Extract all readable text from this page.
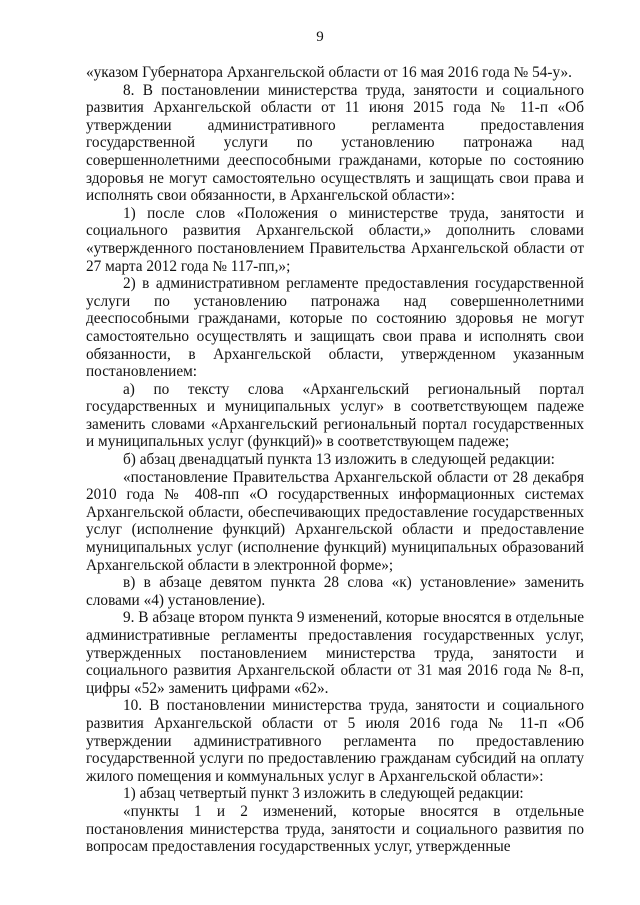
9

«указом Губернатора Архангельской области от 16 мая 2016 года № 54-у».

8. В постановлении министерства труда, занятости и социального развития Архангельской области от 11 июня 2015 года № 11-п «Об утверждении административного регламента предоставления государственной услуги по установлению патронажа над совершеннолетними дееспособными гражданами, которые по состоянию здоровья не могут самостоятельно осуществлять и защищать свои права и исполнять свои обязанности, в Архангельской области»:

1) после слов «Положения о министерстве труда, занятости и социального развития Архангельской области,» дополнить словами «утвержденного постановлением Правительства Архангельской области от 27 марта 2012 года № 117-пп,»;

2) в административном регламенте предоставления государственной услуги по установлению патронажа над совершеннолетними дееспособными гражданами, которые по состоянию здоровья не могут самостоятельно осуществлять и защищать свои права и исполнять свои обязанности, в Архангельской области, утвержденном указанным постановлением:

а) по тексту слова «Архангельский региональный портал государственных и муниципальных услуг» в соответствующем падеже заменить словами «Архангельский региональный портал государственных и муниципальных услуг (функций)» в соответствующем падеже;

б) абзац двенадцатый пункта 13 изложить в следующей редакции:

«постановление Правительства Архангельской области от 28 декабря 2010 года № 408-пп «О государственных информационных системах Архангельской области, обеспечивающих предоставление государственных услуг (исполнение функций) Архангельской области и предоставление муниципальных услуг (исполнение функций) муниципальных образований Архангельской области в электронной форме»;

в) в абзаце девятом пункта 28 слова «к) установление» заменить словами «4) установление).

9. В абзаце втором пункта 9 изменений, которые вносятся в отдельные административные регламенты предоставления государственных услуг, утвержденных постановлением министерства труда, занятости и социального развития Архангельской области от 31 мая 2016 года № 8-п, цифры «52» заменить цифрами «62».

10. В постановлении министерства труда, занятости и социального развития Архангельской области от 5 июля 2016 года № 11-п «Об утверждении административного регламента по предоставлению государственной услуги по предоставлению гражданам субсидий на оплату жилого помещения и коммунальных услуг в Архангельской области»:

1) абзац четвертый пункт 3 изложить в следующей редакции:

«пункты 1 и 2 изменений, которые вносятся в отдельные постановления министерства труда, занятости и социального развития по вопросам предоставления государственных услуг, утвержденные
